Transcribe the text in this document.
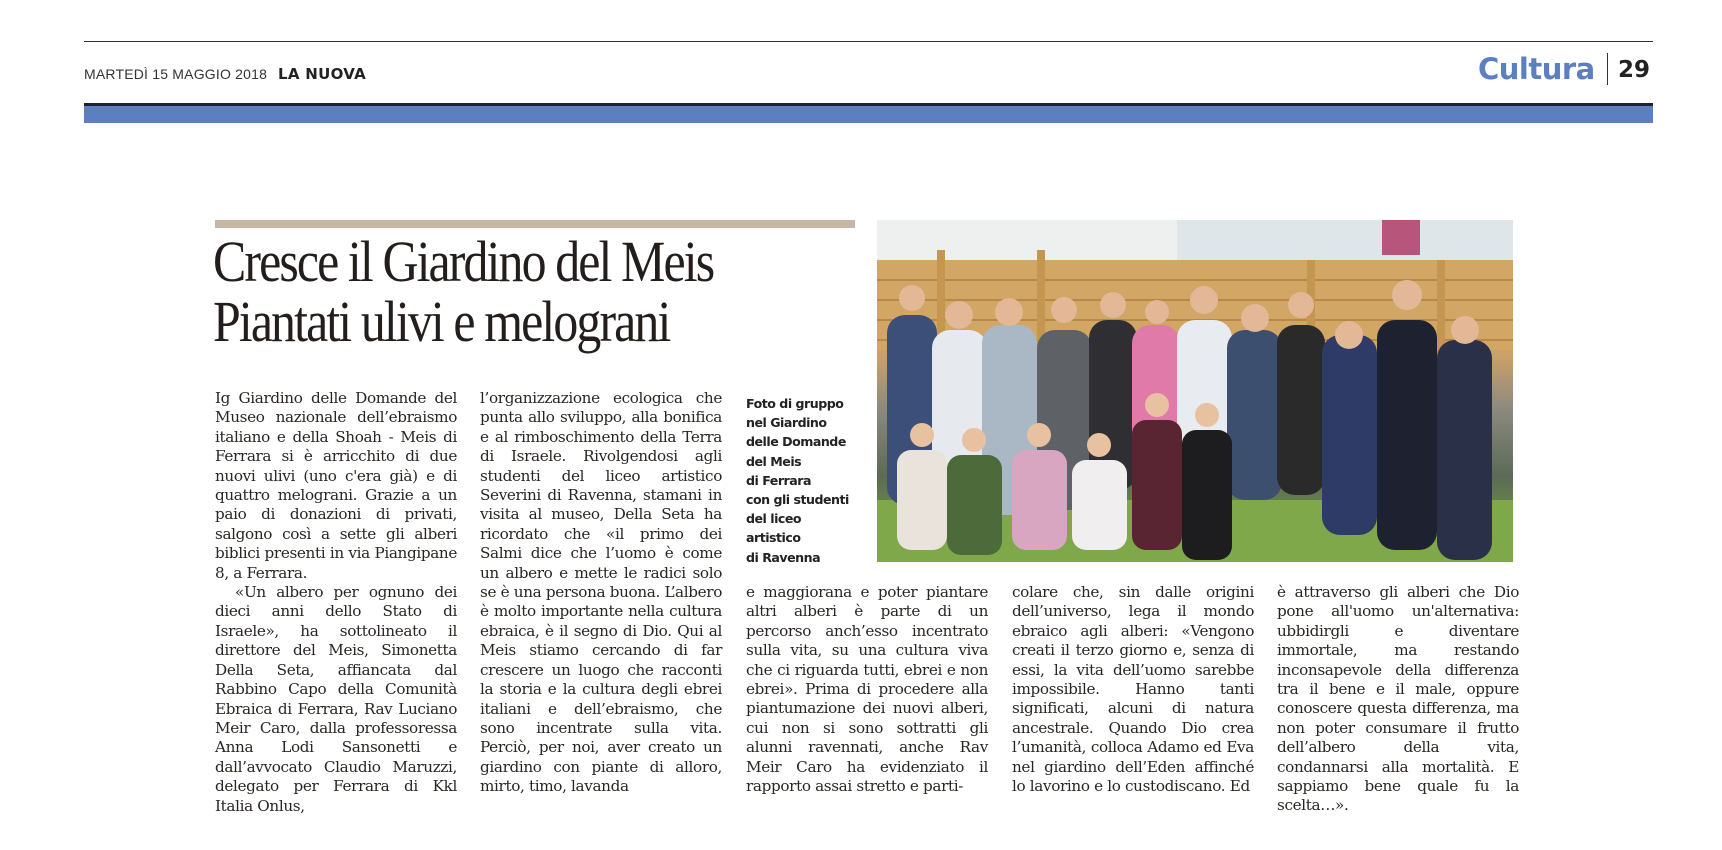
MARTEDÌ 15 MAGGIO 2018 LA NUOVA	Cultura 29
Cresce il Giardino del Meis
Piantati ulivi e melograni

Ig Giardino delle Domande del Museo nazionale dell’ebraismo italiano e della Shoah - Meis di Ferrara si è arricchito di due nuovi ulivi (uno c'era già) e di quattro melograni. Grazie a un paio di donazioni di privati, salgono così a sette gli alberi biblici presenti in via Piangipane 8, a Ferrara.

«Un albero per ognuno dei dieci anni dello Stato di Israele», ha sottolineato il direttore del Meis, Simonetta Della Seta, affiancata dal Rabbino Capo della Comunità Ebraica di Ferrara, Rav Luciano Meir Caro, dalla professoressa Anna Lodi Sansonetti e dall’avvocato Claudio Maruzzi, delegato per Ferrara di Kkl Italia Onlus,

l’organizzazione ecologica che punta allo sviluppo, alla bonifica e al rimboschimento della Terra di Israele. Rivolgendosi agli studenti del liceo artistico Severini di Ravenna, stamani in visita al museo, Della Seta ha ricordato che «il primo dei Salmi dice che l’uomo è come un albero e mette le radici solo se è una persona buona. L’albero è molto importante nella cultura ebraica, è il segno di Dio. Qui al Meis stiamo cercando di far crescere un luogo che racconti la storia e la cultura degli ebrei italiani e dell’ebraismo, che sono incentrate sulla vita. Perciò, per noi, aver creato un giardino con piante di alloro, mirto, timo, lavanda

e maggiorana e poter piantare altri alberi è parte di un percorso anch’esso incentrato sulla vita, su una cultura viva che ci riguarda tutti, ebrei e non ebrei». Prima di procedere alla piantumazione dei nuovi alberi, cui non si sono sottratti gli alunni ravennati, anche Rav Meir Caro ha evidenziato il rapporto assai stretto e parti-

colare che, sin dalle origini dell’universo, lega il mondo ebraico agli alberi: «Vengono creati il terzo giorno e, senza di essi, la vita dell’uomo sarebbe impossibile. Hanno tanti significati, alcuni di natura ancestrale. Quando Dio crea l’umanità, colloca Adamo ed Eva nel giardino dell’Eden affinché lo lavorino e lo custodiscano. Ed

è attraverso gli alberi che Dio pone all'uomo un'alternativa: ubbidirgli e diventare immortale, ma restando inconsapevole della differenza tra il bene e il male, oppure conoscere questa differenza, ma non poter consumare il frutto dell’albero della vita, condannarsi alla mortalità. E sappiamo bene quale fu la scelta…».

Foto di gruppo
nel Giardino
delle Domande
del Meis
di Ferrara
con gli studenti
del liceo
artistico
di Ravenna
